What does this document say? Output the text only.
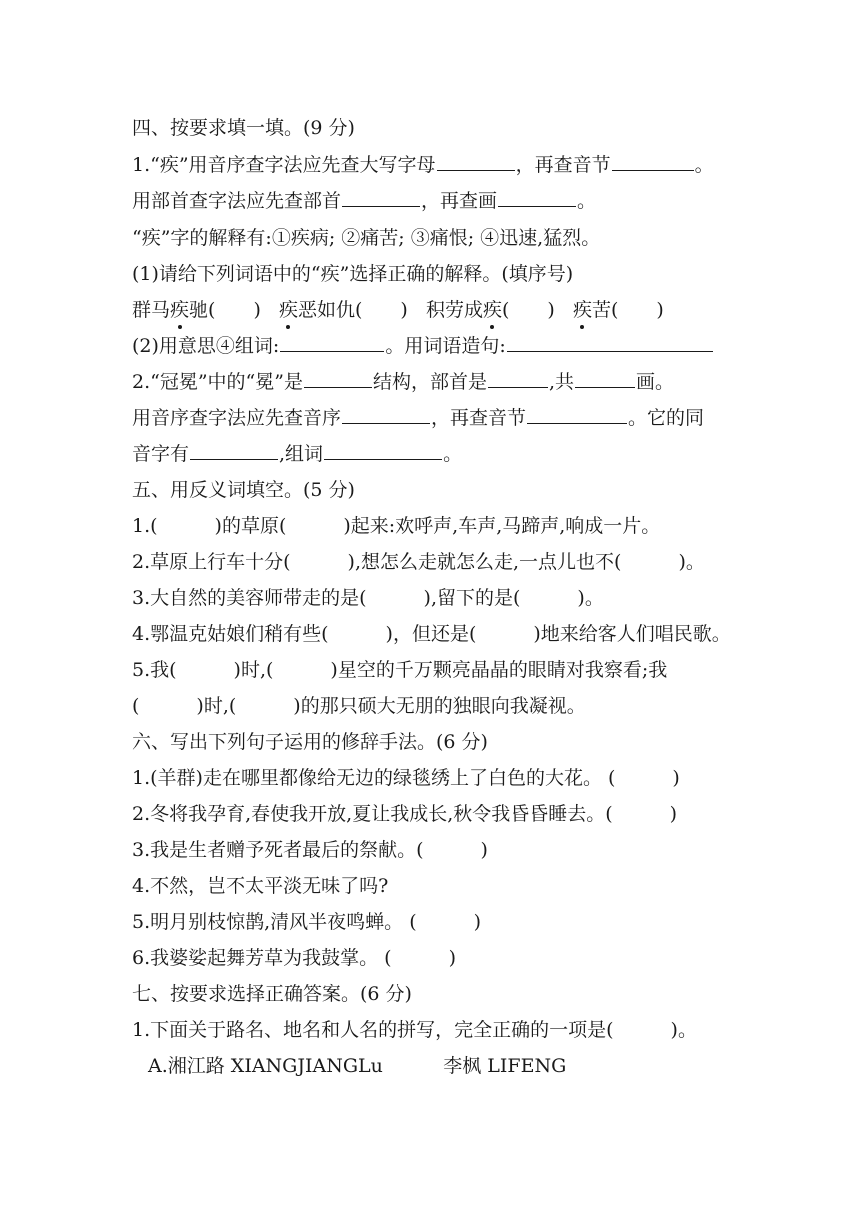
四、按要求填一填。(9 分)
1.“疾”用音序查字法应先查大写字母	，再查音节	。
用部首查字法应先查部首	，再查画	。
“疾”字的解释有:①疾病; ②痛苦; ③痛恨; ④迅速,猛烈。
(1)请给下列词语中的“疾”选择正确的解释。(填序号)
群马疾驰(　　) 疾恶如仇(　　) 积劳成疾(　　) 疾苦(　　)
(2)用意思④组词:	。用词语造句:
2.“冠冕”中的“冕”是	结构，部首是	,共	画。
用音序查字法应先查音序	，再查音节	。它的同
音字有	,组词	。
五、用反义词填空。(5 分)
1.(　　　)的草原(　　　)起来:欢呼声,车声,马蹄声,响成一片。
2.草原上行车十分(　　　),想怎么走就怎么走,一点儿也不(　　　)。
3.大自然的美容师带走的是(　　　),留下的是(　　　)。
4.鄂温克姑娘们稍有些(　　　)，但还是(　　　)地来给客人们唱民歌。
5.我(　　　)时,(　　　)星空的千万颗亮晶晶的眼睛对我察看;我
(　　　)时,(　　　)的那只硕大无朋的独眼向我凝视。
六、写出下列句子运用的修辞手法。(6 分)
1.(羊群)走在哪里都像给无边的绿毯绣上了白色的大花。 (　　　)
2.冬将我孕育,春使我开放,夏让我成长,秋令我昏昏睡去。(　　　)
3.我是生者赠予死者最后的祭献。(　　　)
4.不然，岂不太平淡无味了吗?
5.明月别枝惊鹊,清风半夜鸣蝉。 (　　　)
6.我婆娑起舞芳草为我鼓掌。 (　　　)
七、按要求选择正确答案。(6 分)
1.下面关于路名、地名和人名的拼写，完全正确的一项是(　　　)。
A.湘江路 XIANGJIANGLu          李枫 LIFENG
